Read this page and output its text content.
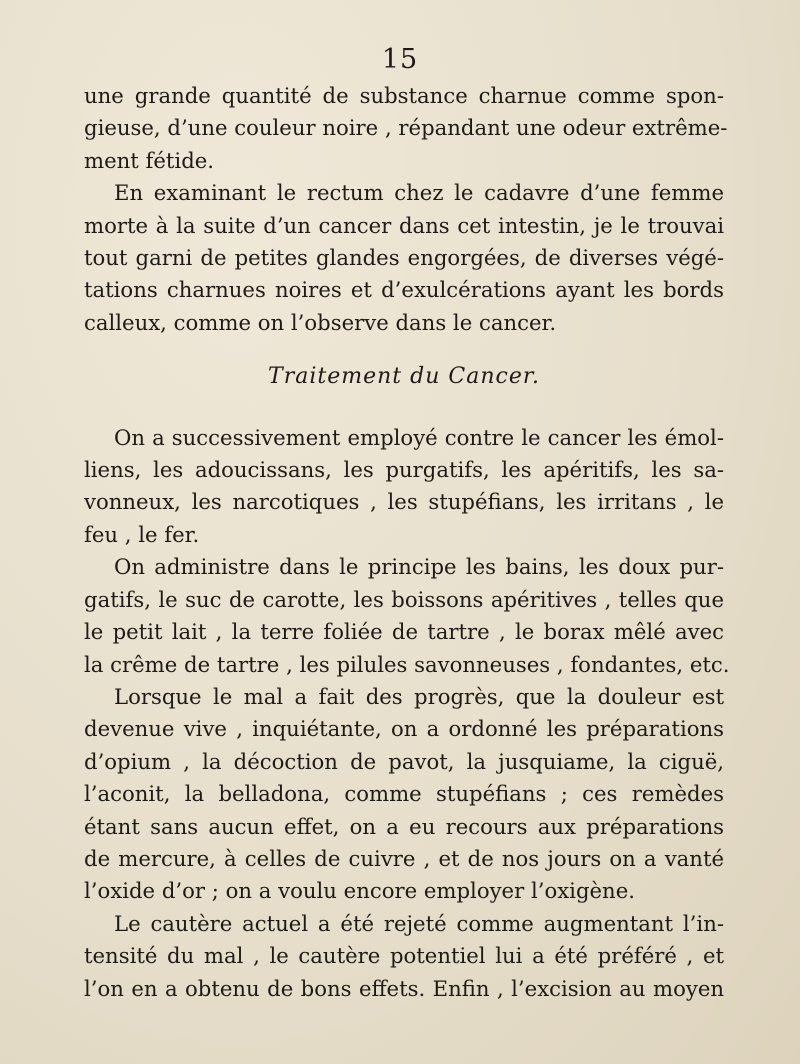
15
une grande quantité de substance charnue comme spon-
gieuse, d’une couleur noire , répandant une odeur extrême-
ment fétide.
En examinant le rectum chez le cadavre d’une femme
morte à la suite d’un cancer dans cet intestin, je le trouvai
tout garni de petites glandes engorgées, de diverses végé-
tations charnues noires et d’exulcérations ayant les bords
calleux, comme on l’observe dans le cancer.
Traitement du Cancer.
On a successivement employé contre le cancer les émol-
liens, les adoucissans, les purgatifs, les apéritifs, les sa-
vonneux, les narcotiques , les stupéfians, les irritans , le
feu , le fer.
On administre dans le principe les bains, les doux pur-
gatifs, le suc de carotte, les boissons apéritives , telles que
le petit lait , la terre foliée de tartre , le borax mêlé avec
la crême de tartre , les pilules savonneuses , fondantes, etc.
Lorsque le mal a fait des progrès, que la douleur est
devenue vive , inquiétante, on a ordonné les préparations
d’opium , la décoction de pavot, la jusquiame, la ciguë,
l’aconit, la belladona, comme stupéfians ; ces remèdes
étant sans aucun effet, on a eu recours aux préparations
de mercure, à celles de cuivre , et de nos jours on a vanté
l’oxide d’or ; on a voulu encore employer l’oxigène.
Le cautère actuel a été rejeté comme augmentant l’in-
tensité du mal , le cautère potentiel lui a été préféré , et
l’on en a obtenu de bons effets. Enfin , l’excision au moyen
